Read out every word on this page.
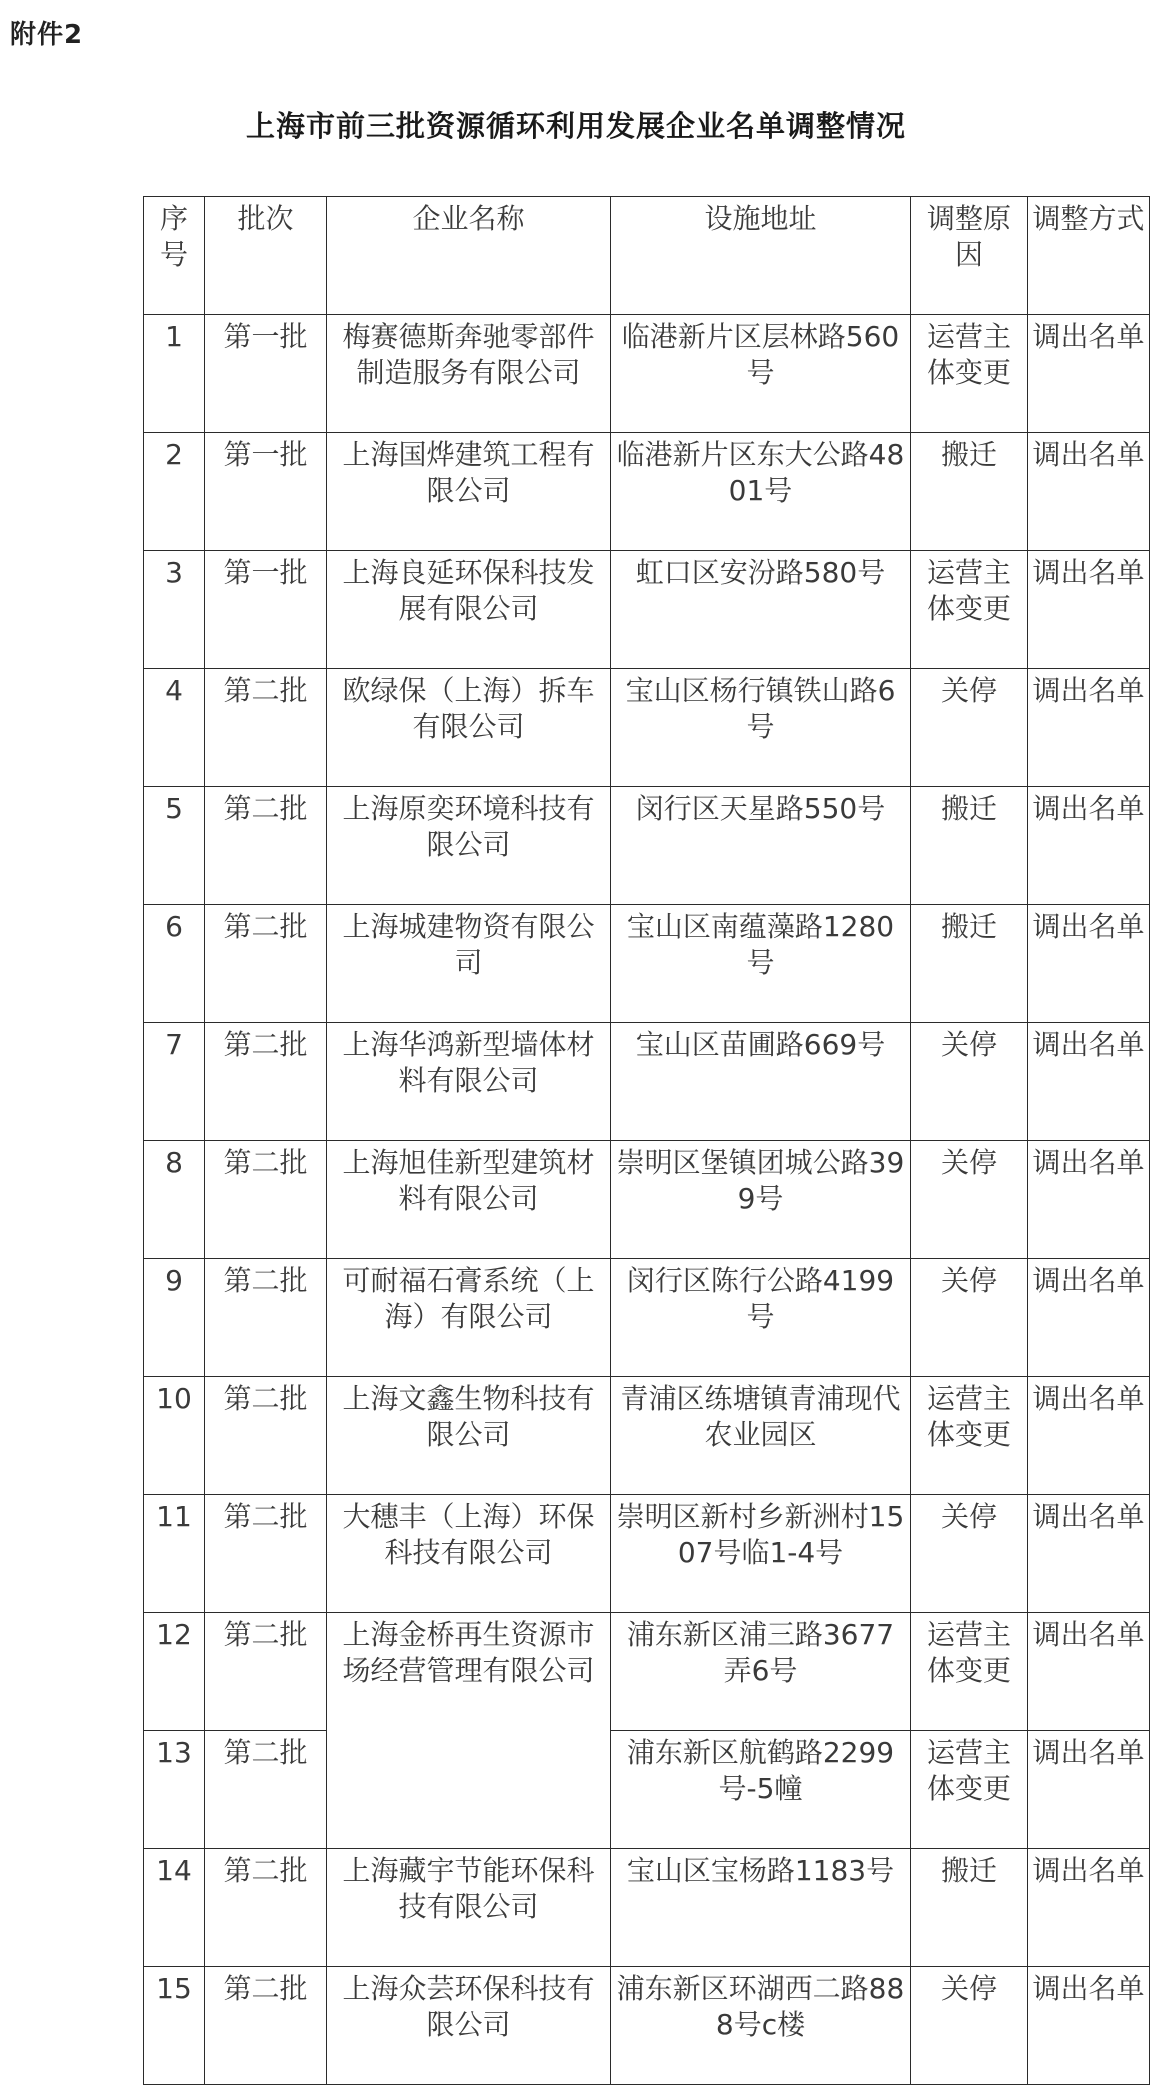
附件2
上海市前三批资源循环利用发展企业名单调整情况
序号	批次	企业名称	设施地址	调整原因	调整方式
1	第一批	梅赛德斯奔驰零部件制造服务有限公司	临港新片区层林路560号	运营主体变更	调出名单
2	第一批	上海国烨建筑工程有限公司	临港新片区东大公路4801号	搬迁	调出名单
3	第一批	上海良延环保科技发展有限公司	虹口区安汾路580号	运营主体变更	调出名单
4	第二批	欧绿保（上海）拆车有限公司	宝山区杨行镇铁山路6号	关停	调出名单
5	第二批	上海原奕环境科技有限公司	闵行区天星路550号	搬迁	调出名单
6	第二批	上海城建物资有限公司	宝山区南蕴藻路1280号	搬迁	调出名单
7	第二批	上海华鸿新型墙体材料有限公司	宝山区苗圃路669号	关停	调出名单
8	第二批	上海旭佳新型建筑材料有限公司	崇明区堡镇团城公路399号	关停	调出名单
9	第二批	可耐福石膏系统（上海）有限公司	闵行区陈行公路4199号	关停	调出名单
10	第二批	上海文鑫生物科技有限公司	青浦区练塘镇青浦现代农业园区	运营主体变更	调出名单
11	第二批	大穗丰（上海）环保科技有限公司	崇明区新村乡新洲村1507号临1-4号	关停	调出名单
12	第二批	上海金桥再生资源市场经营管理有限公司	浦东新区浦三路3677弄6号	运营主体变更	调出名单
13	第二批		浦东新区航鹤路2299号-5幢	运营主体变更	调出名单
14	第二批	上海藏宇节能环保科技有限公司	宝山区宝杨路1183号	搬迁	调出名单
15	第二批	上海众芸环保科技有限公司	浦东新区环湖西二路888号c楼	关停	调出名单
